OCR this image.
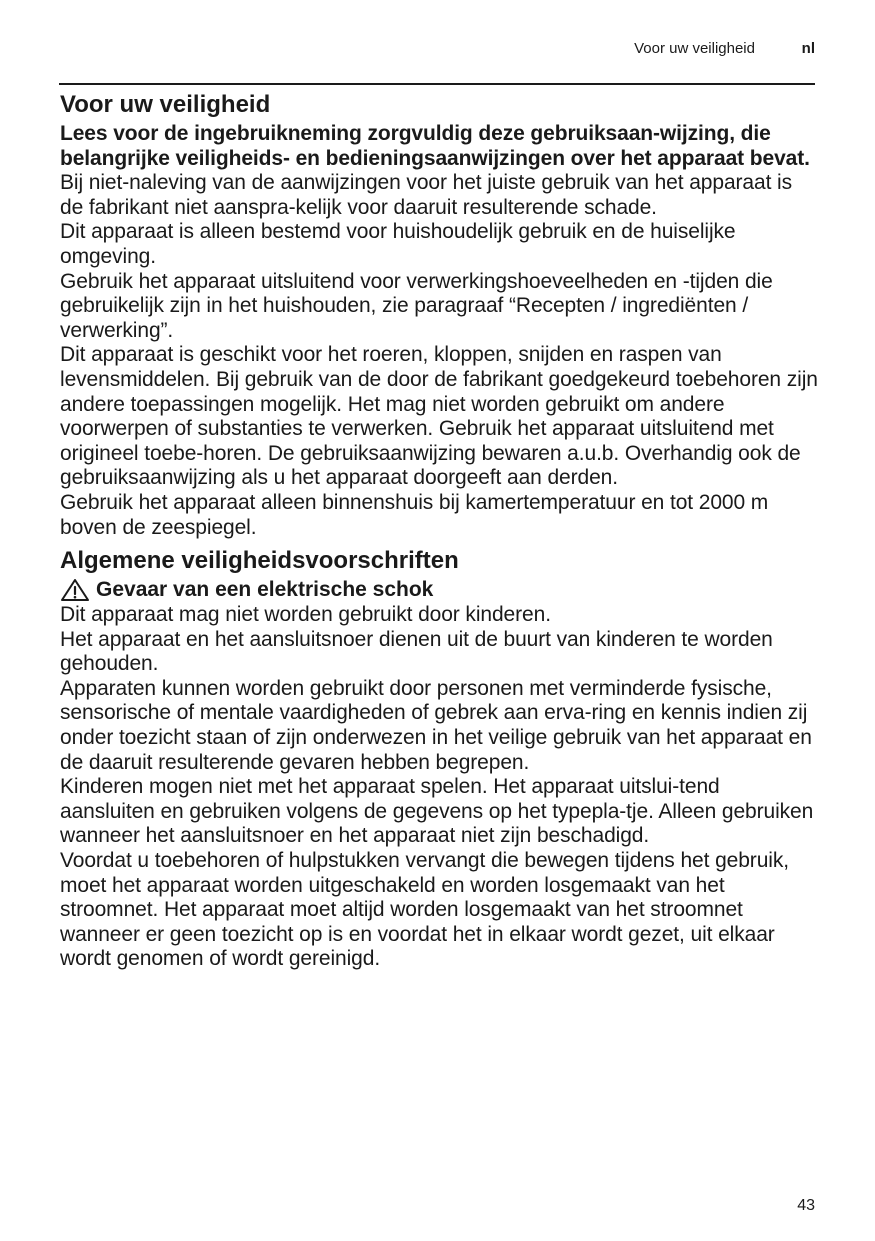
Voor uw veiligheid	nl
Voor uw veiligheid

Lees voor de ingebruikneming zorgvuldig deze gebruiksaan-wijzing, die belangrijke veiligheids- en bedieningsaanwijzingen over het apparaat bevat. Bij niet-naleving van de aanwijzingen voor het juiste gebruik van het apparaat is de fabrikant niet aanspra-kelijk voor daaruit resulterende schade.

Dit apparaat is alleen bestemd voor huishoudelijk gebruik en de huiselijke omgeving.

Gebruik het apparaat uitsluitend voor verwerkingshoeveelheden en -tijden die gebruikelijk zijn in het huishouden, zie paragraaf “Recepten / ingrediënten / verwerking”.

Dit apparaat is geschikt voor het roeren, kloppen, snijden en raspen van levensmiddelen. Bij gebruik van de door de fabrikant goedgekeurd toebehoren zijn andere toepassingen mogelijk. Het mag niet worden gebruikt om andere voorwerpen of substanties te verwerken. Gebruik het apparaat uitsluitend met origineel toebe-horen. De gebruiksaanwijzing bewaren a.u.b. Overhandig ook de gebruiksaanwijzing als u het apparaat doorgeeft aan derden.

Gebruik het apparaat alleen binnenshuis bij kamertemperatuur en tot 2000 m boven de zeespiegel.

Algemene veiligheidsvoorschriften

Gevaar van een elektrische schok

Dit apparaat mag niet worden gebruikt door kinderen.

Het apparaat en het aansluitsnoer dienen uit de buurt van kinderen te worden gehouden.

Apparaten kunnen worden gebruikt door personen met verminderde fysische, sensorische of mentale vaardigheden of gebrek aan erva-ring en kennis indien zij onder toezicht staan of zijn onderwezen in het veilige gebruik van het apparaat en de daaruit resulterende gevaren hebben begrepen.

Kinderen mogen niet met het apparaat spelen. Het apparaat uitslui-tend aansluiten en gebruiken volgens de gegevens op het typepla-tje. Alleen gebruiken wanneer het aansluitsnoer en het apparaat niet zijn beschadigd.

Voordat u toebehoren of hulpstukken vervangt die bewegen tijdens het gebruik, moet het apparaat worden uitgeschakeld en worden losgemaakt van het stroomnet. Het apparaat moet altijd worden losgemaakt van het stroomnet wanneer er geen toezicht op is en voordat het in elkaar wordt gezet, uit elkaar wordt genomen of wordt gereinigd.

43
